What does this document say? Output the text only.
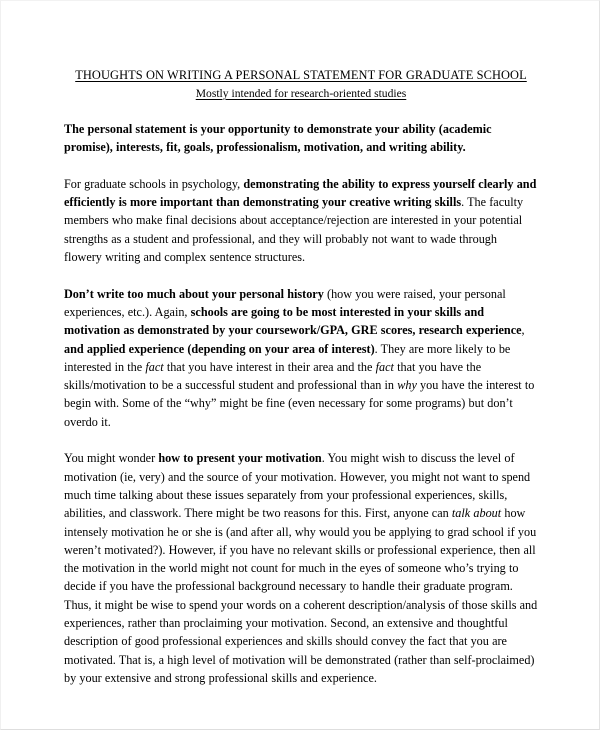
THOUGHTS ON WRITING A PERSONAL STATEMENT FOR GRADUATE SCHOOL
Mostly intended for research-oriented studies

The personal statement is your opportunity to demonstrate your ability (academic promise), interests, fit, goals, professionalism, motivation, and writing ability.

For graduate schools in psychology, demonstrating the ability to express yourself clearly and efficiently is more important than demonstrating your creative writing skills. The faculty members who make final decisions about acceptance/rejection are interested in your potential strengths as a student and professional, and they will probably not want to wade through flowery writing and complex sentence structures.

Don’t write too much about your personal history (how you were raised, your personal experiences, etc.). Again, schools are going to be most interested in your skills and motivation as demonstrated by your coursework/GPA, GRE scores, research experience, and applied experience (depending on your area of interest). They are more likely to be interested in the fact that you have interest in their area and the fact that you have the skills/motivation to be a successful student and professional than in why you have the interest to begin with. Some of the “why” might be fine (even necessary for some programs) but don’t overdo it.

You might wonder how to present your motivation. You might wish to discuss the level of motivation (ie, very) and the source of your motivation. However, you might not want to spend much time talking about these issues separately from your professional experiences, skills, abilities, and classwork. There might be two reasons for this. First, anyone can talk about how intensely motivation he or she is (and after all, why would you be applying to grad school if you weren’t motivated?). However, if you have no relevant skills or professional experience, then all the motivation in the world might not count for much in the eyes of someone who’s trying to decide if you have the professional background necessary to handle their graduate program. Thus, it might be wise to spend your words on a coherent description/analysis of those skills and experiences, rather than proclaiming your motivation. Second, an extensive and thoughtful description of good professional experiences and skills should convey the fact that you are motivated. That is, a high level of motivation will be demonstrated (rather than self-proclaimed) by your extensive and strong professional skills and experience.
